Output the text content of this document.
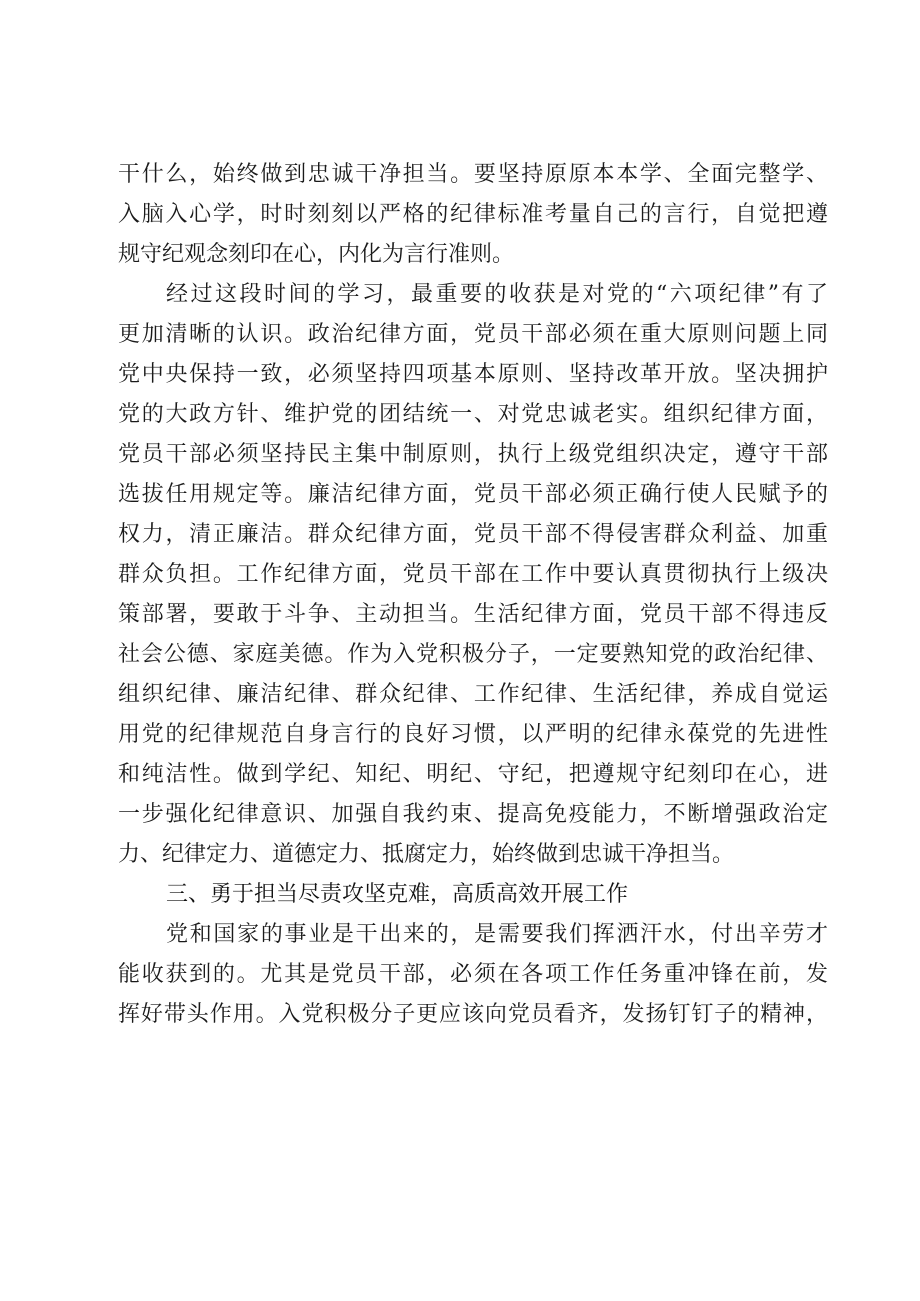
干什么，始终做到忠诚干净担当。要坚持原原本本学、全面完整学、
入脑入心学，时时刻刻以严格的纪律标准考量自己的言行，自觉把遵
规守纪观念刻印在心，内化为言行准则。
经过这段时间的学习，最重要的收获是对党的“六项纪律”有了
更加清晰的认识。政治纪律方面，党员干部必须在重大原则问题上同
党中央保持一致，必须坚持四项基本原则、坚持改革开放。坚决拥护
党的大政方针、维护党的团结统一、对党忠诚老实。组织纪律方面，
党员干部必须坚持民主集中制原则，执行上级党组织决定，遵守干部
选拔任用规定等。廉洁纪律方面，党员干部必须正确行使人民赋予的
权力，清正廉洁。群众纪律方面，党员干部不得侵害群众利益、加重
群众负担。工作纪律方面，党员干部在工作中要认真贯彻执行上级决
策部署，要敢于斗争、主动担当。生活纪律方面，党员干部不得违反
社会公德、家庭美德。作为入党积极分子，一定要熟知党的政治纪律、
组织纪律、廉洁纪律、群众纪律、工作纪律、生活纪律，养成自觉运
用党的纪律规范自身言行的良好习惯，以严明的纪律永葆党的先进性
和纯洁性。做到学纪、知纪、明纪、守纪，把遵规守纪刻印在心，进
一步强化纪律意识、加强自我约束、提高免疫能力，不断增强政治定
力、纪律定力、道德定力、抵腐定力，始终做到忠诚干净担当。
三、勇于担当尽责攻坚克难，高质高效开展工作
党和国家的事业是干出来的，是需要我们挥洒汗水，付出辛劳才
能收获到的。尤其是党员干部，必须在各项工作任务重冲锋在前，发
挥好带头作用。入党积极分子更应该向党员看齐，发扬钉钉子的精神，
